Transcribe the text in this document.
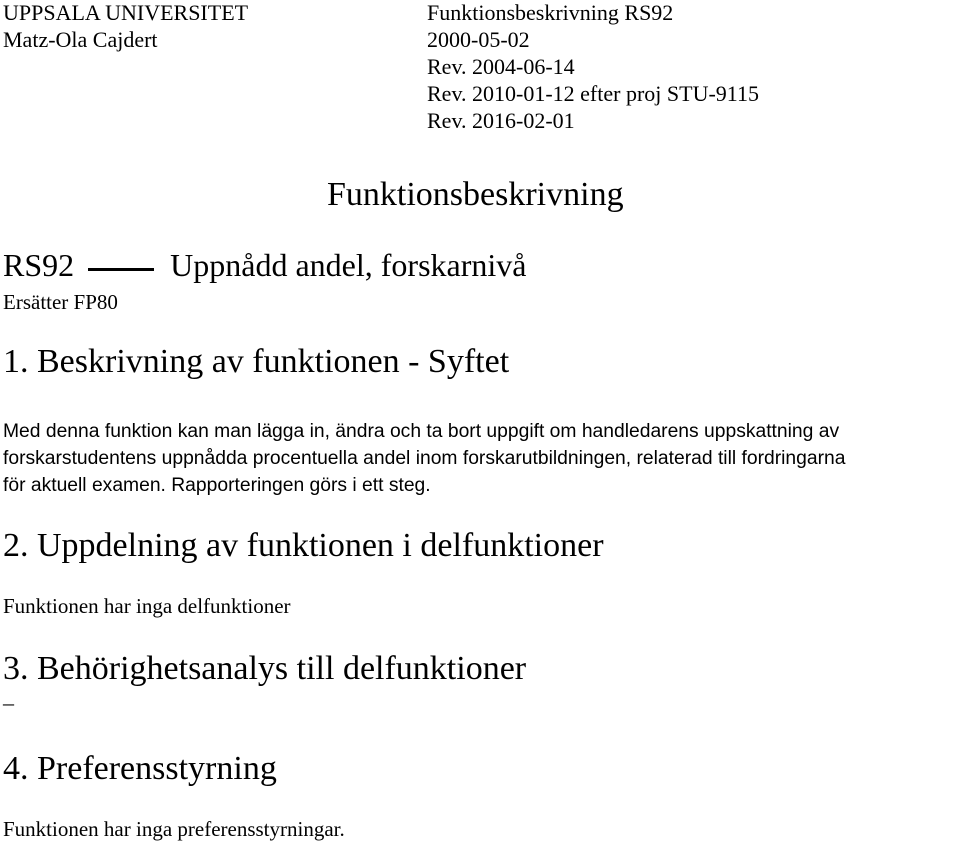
UPPSALA UNIVERSITET
Matz-Ola Cajdert
Funktionsbeskrivning RS92
2000-05-02
Rev. 2004-06-14
Rev. 2010-01-12 efter proj STU-9115
Rev. 2016-02-01
Funktionsbeskrivning
RS92	Uppnådd andel, forskarnivå
Ersätter FP80
1. Beskrivning av funktionen - Syftet
Med denna funktion kan man lägga in, ändra och ta bort uppgift om handledarens uppskattning av
forskarstudentens uppnådda procentuella andel inom forskarutbildningen, relaterad till fordringarna
för aktuell examen. Rapporteringen görs i ett steg.
2. Uppdelning av funktionen i delfunktioner
Funktionen har inga delfunktioner
3. Behörighetsanalys till delfunktioner
–
4. Preferensstyrning
Funktionen har inga preferensstyrningar.
